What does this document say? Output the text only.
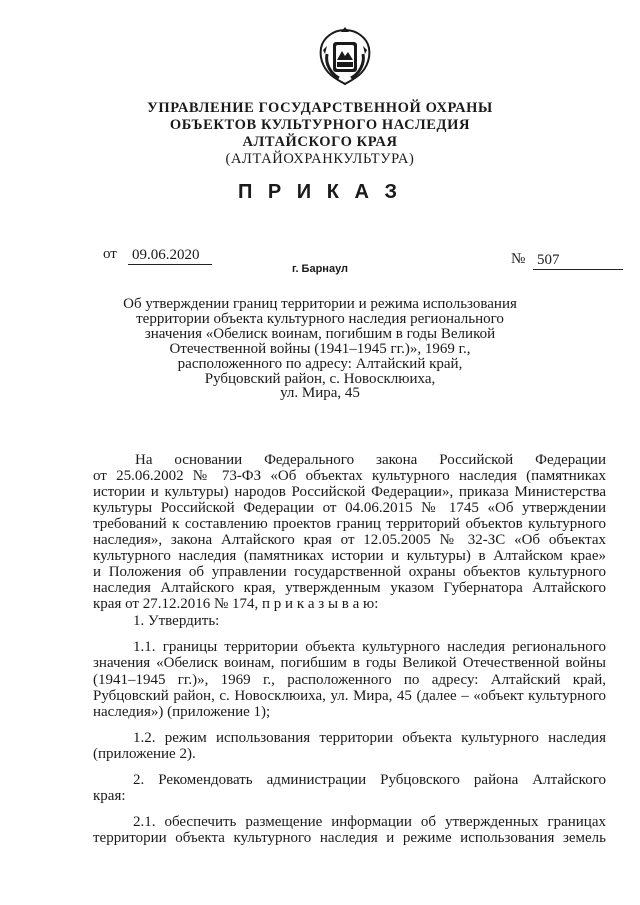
УПРАВЛЕНИЕ ГОСУДАРСТВЕННОЙ ОХРАНЫ
ОБЪЕКТОВ КУЛЬТУРНОГО НАСЛЕДИЯ
АЛТАЙСКОГО КРАЯ
(АЛТАЙОХРАНКУЛЬТУРА)
П Р И К А З
от 09.06.2020	№ 507
г. Барнаул
Об утверждении границ территории и режима использования
территории объекта культурного наследия регионального
значения «Обелиск воинам, погибшим в годы Великой
Отечественной войны (1941–1945 гг.)», 1969 г.,
расположенного по адресу: Алтайский край,
Рубцовский район, с. Новосклюиха,
ул. Мира, 45
На основании Федерального закона Российской Федерации
от 25.06.2002 № 73-ФЗ «Об объектах культурного наследия (памятниках
истории и культуры) народов Российской Федерации», приказа Министерства
культуры Российской Федерации от 04.06.2015 № 1745 «Об утверждении
требований к составлению проектов границ территорий объектов культурного
наследия», закона Алтайского края от 12.05.2005 № 32-ЗС «Об объектах
культурного наследия (памятниках истории и культуры) в Алтайском крае»
и Положения об управлении государственной охраны объектов культурного
наследия Алтайского края, утвержденным указом Губернатора Алтайского
края от 27.12.2016 № 174, п р и к а з ы в а ю:
1. Утвердить:
1.1. границы территории объекта культурного наследия регионального
значения «Обелиск воинам, погибшим в годы Великой Отечественной войны
(1941–1945 гг.)», 1969 г., расположенного по адресу: Алтайский край,
Рубцовский район, с. Новосклюиха, ул. Мира, 45 (далее – «объект культурного
наследия») (приложение 1);
1.2. режим использования территории объекта культурного наследия
(приложение 2).
2. Рекомендовать администрации Рубцовского района Алтайского
края:
2.1. обеспечить размещение информации об утвержденных границах
территории объекта культурного наследия и режиме использования земель
